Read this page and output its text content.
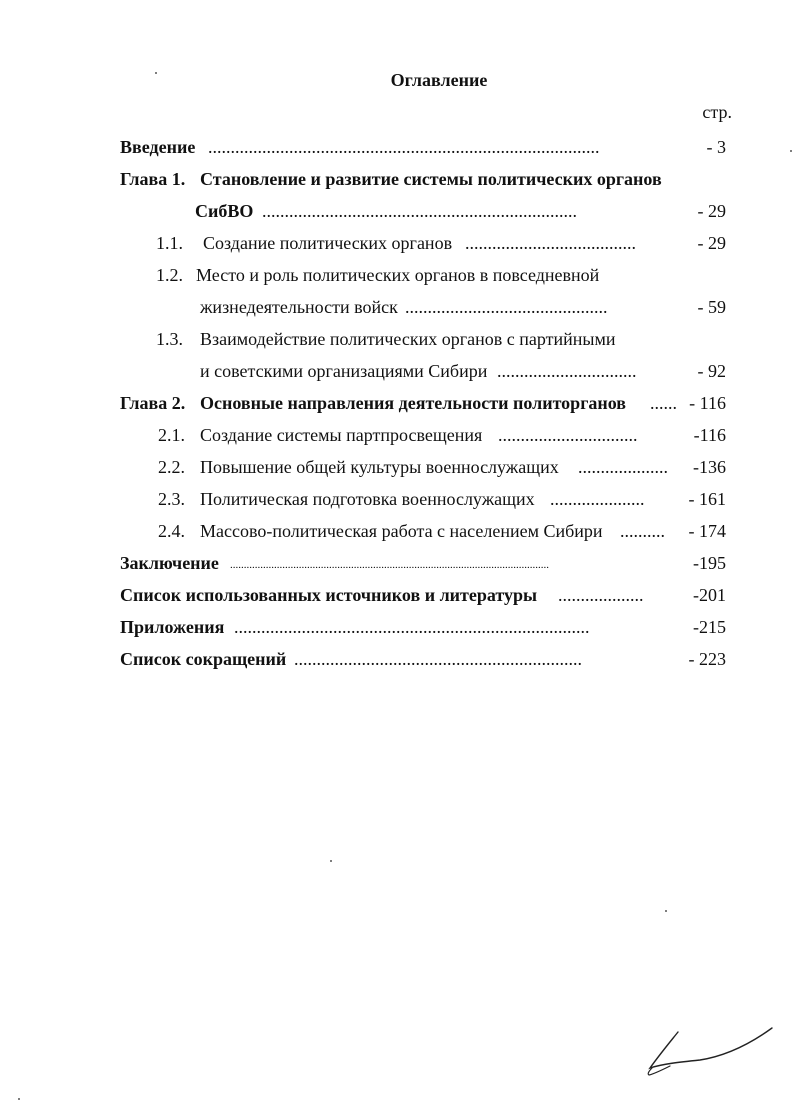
Оглавление
стр.
Введение .......................................................................................	- 3
Глава 1. Становление и развитие системы политических органов
СибВО ......................................................................	- 29
1.1. Создание политических органов ......................................	- 29
1.2. Место и роль политических органов в повседневной
жизнедеятельности войск .............................................	- 59
1.3. Взаимодействие политических органов с партийными
и советскими организациями Сибири ...............................	- 92
Глава 2. Основные направления деятельности политорганов ...... - 116
2.1. Создание системы партпросвещения ...............................	-116
2.2. Повышение общей культуры военнослужащих ....................	-136
2.3. Политическая подготовка военнослужащих .....................	- 161
2.4. Массово-политическая работа с населением Сибири ..........	- 174
Заключение ....................................................................................................................	-195
Список использованных источников и литературы ...................	-201
Приложения ...............................................................................	-215
Список сокращений ................................................................	- 223
